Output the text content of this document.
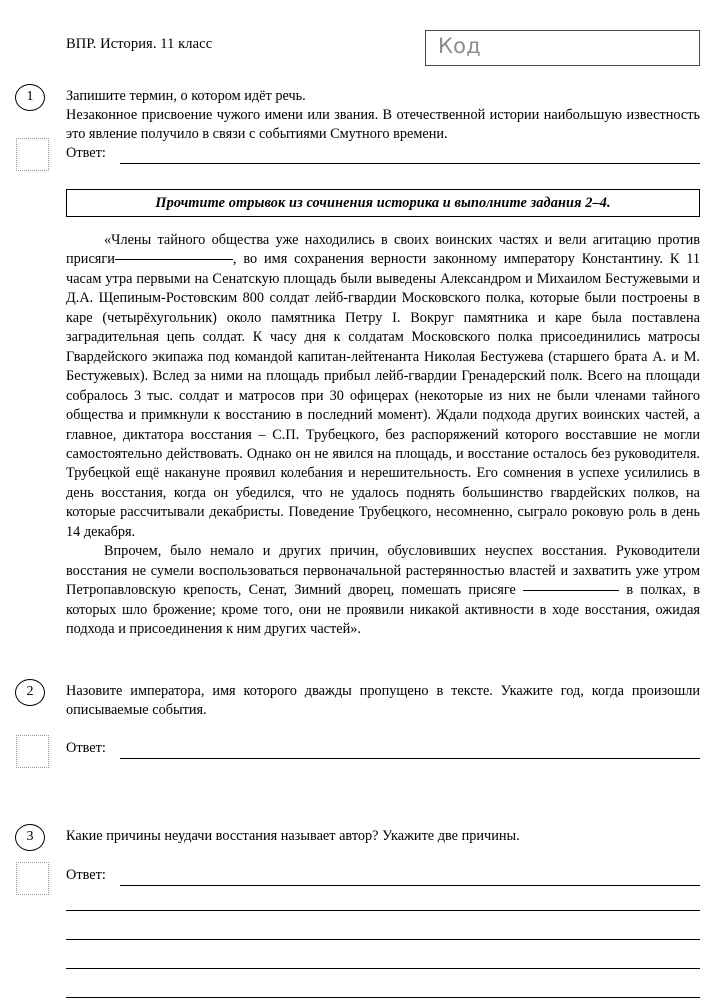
ВПР. История. 11 класс	Код
1	Запишите термин, о котором идёт речь.
Незаконное присвоение чужого имени или звания. В отечественной истории наибольшую известность это явление получило в связи с событиями Смутного времени.
Ответ:
Прочтите отрывок из сочинения историка и выполните задания 2–4.

«Члены тайного общества уже находились в своих воинских частях и вели агитацию против присяги	, во имя сохранения верности законному императору Константину. К 11 часам утра первыми на Сенатскую площадь были выведены Александром и Михаилом Бестужевыми и Д.А. Щепиным-Ростовским 800 солдат лейб-гвардии Московского полка, которые были построены в каре (четырёхугольник) около памятника Петру I. Вокруг памятника и каре была поставлена заградительная цепь солдат. К часу дня к солдатам Московского полка присоединились матросы Гвардейского экипажа под командой капитан-лейтенанта Николая Бестужева (старшего брата А. и М. Бестужевых). Вслед за ними на площадь прибыл лейб-гвардии Гренадерский полк. Всего на площади собралось 3 тыс. солдат и матросов при 30 офицерах (некоторые из них не были членами тайного общества и примкнули к восстанию в последний момент). Ждали подхода других воинских частей, а главное, диктатора восстания – С.П. Трубецкого, без распоряжений которого восставшие не могли самостоятельно действовать. Однако он не явился на площадь, и восстание осталось без руководителя. Трубецкой ещё накануне проявил колебания и нерешительность. Его сомнения в успехе усилились в день восстания, когда он убедился, что не удалось поднять большинство гвардейских полков, на которые рассчитывали декабристы. Поведение Трубецкого, несомненно, сыграло роковую роль в день 14 декабря.

Впрочем, было немало и других причин, обусловивших неуспех восстания. Руководители восстания не сумели воспользоваться первоначальной растерянностью властей и захватить уже утром Петропавловскую крепость, Сенат, Зимний дворец, помешать присяге	в полках, в которых шло брожение; кроме того, они не проявили никакой активности в ходе восстания, ожидая подхода и присоединения к ним других частей».

2	Назовите императора, имя которого дважды пропущено в тексте. Укажите год, когда произошли описываемые события.
Ответ:
3	Какие причины неудачи восстания называет автор? Укажите две причины.
Ответ:
